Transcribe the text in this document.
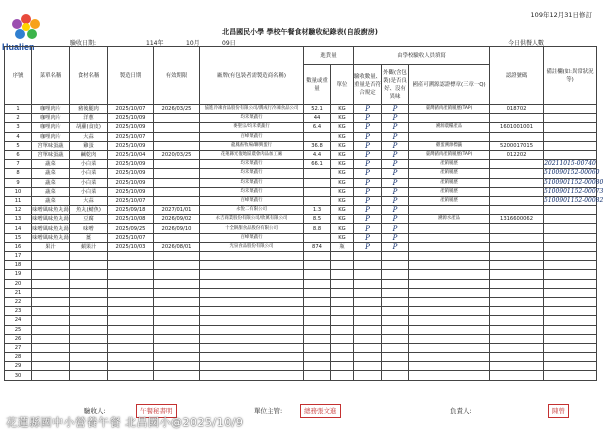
Hualien
109年12月31日修訂
北昌國民小學 學校午餐食材驗收紀錄表(自設廚房)
驗收日期:	114年	10月	09日	今日供餐人數
序號	菜單名稱	食材名稱	製造日期	有效期限	廠牌(有包裝者需製造商名稱)	進貨量		由學校驗收人員填寫			認證號碼	備註欄(如:異常狀況等)
						數量或重量	單位	驗收數量、重量是否符合規定	外觀(含包裝)是否良好、沒有異味	國產可溯源認證標章(三章一Q)		
1	咖哩肉片	豬後腿肉	2025/10/07	2026/03/25	協進冷凍食品股份有限公司/潤成行冷凍食品公司	52.1	KG	P	P	臺灣豬肉產銷履歷(TAP)	018702	
2	咖哩肉片	洋蔥	2025/10/09		均禾菜蔬行	44	KG	P	P			
3	咖哩肉片	胡蘿(食皮)	2025/10/09		麥聖宗/均禾菜蔬行	6.4	KG	P	P	溯源農糧產品	1601001001	
4	咖哩肉片	大蒜	2025/10/07		百峰菜蔬行		KG	P	P			
5	宮單味蛋蔬	雞蛋	2025/10/09		龍鳳畜牧場/聯興蛋行	36.8	KG	P	P	雞蛋溯源標籤	5200017015	
6	宮單味蛋蔬	鹹乾肉	2025/10/04	2020/03/25	花蓮縣光復地區農會肉品加工廠	4.4	KG	P	P	臺灣豬肉產銷履歷(TAP)	012202	
7	蔬菜	小白菜	2025/10/09		均禾菜蔬行	66.1	KG	P	P	產銷履歷		20211015-00740
8	蔬菜	小白菜	2025/10/09		均禾菜蔬行		KG	P	P	產銷履歷		510090152-00060
9	蔬菜	小白菜	2025/10/09		均禾菜蔬行		KG	P	P	產銷履歷		5100901152-00080
10	蔬菜	小白菜	2025/10/09		均禾菜蔬行		KG	P	P	產銷履歷		5100901152-00073
11	蔬菜	大蒜	2025/10/07		百峰菜蔬行		KG	P	P	產銷履歷		5100901152-00082
12	味噌風味魚丸湯	魚丸(鯖魚)	2025/09/18	2027/01/01	永悅二有限公司	1.3	KG	P	P			
13	味噌風味魚丸湯	豆腐	2025/10/08	2026/09/02	永吉商業股份有限公司/欣萬有限公司	8.5	KG	P	P	溯源水產品	1316600062	
14	味噌風味魚丸湯	味噌	2025/09/25	2026/09/10	十全餅甜食品股份有限公司	8.8	KG	P	P			
15	味噌風味魚丸湯	薑	2025/10/07		百峰菜蔬行		KG	P	P			
16	果汁	蘋果汁	2025/10/03	2026/08/01	光泉食品股份有限公司	874	瓶	P	P			
17												
18												
19												
20												
21												
22												
23												
24												
25												
26												
27												
28												
29												
30												
驗收人:	午餐秘書明	單位主管:	總務張文進	負責人:	陳曾
花蓮縣國中小營養午餐 北昌國小@2025/10/9
